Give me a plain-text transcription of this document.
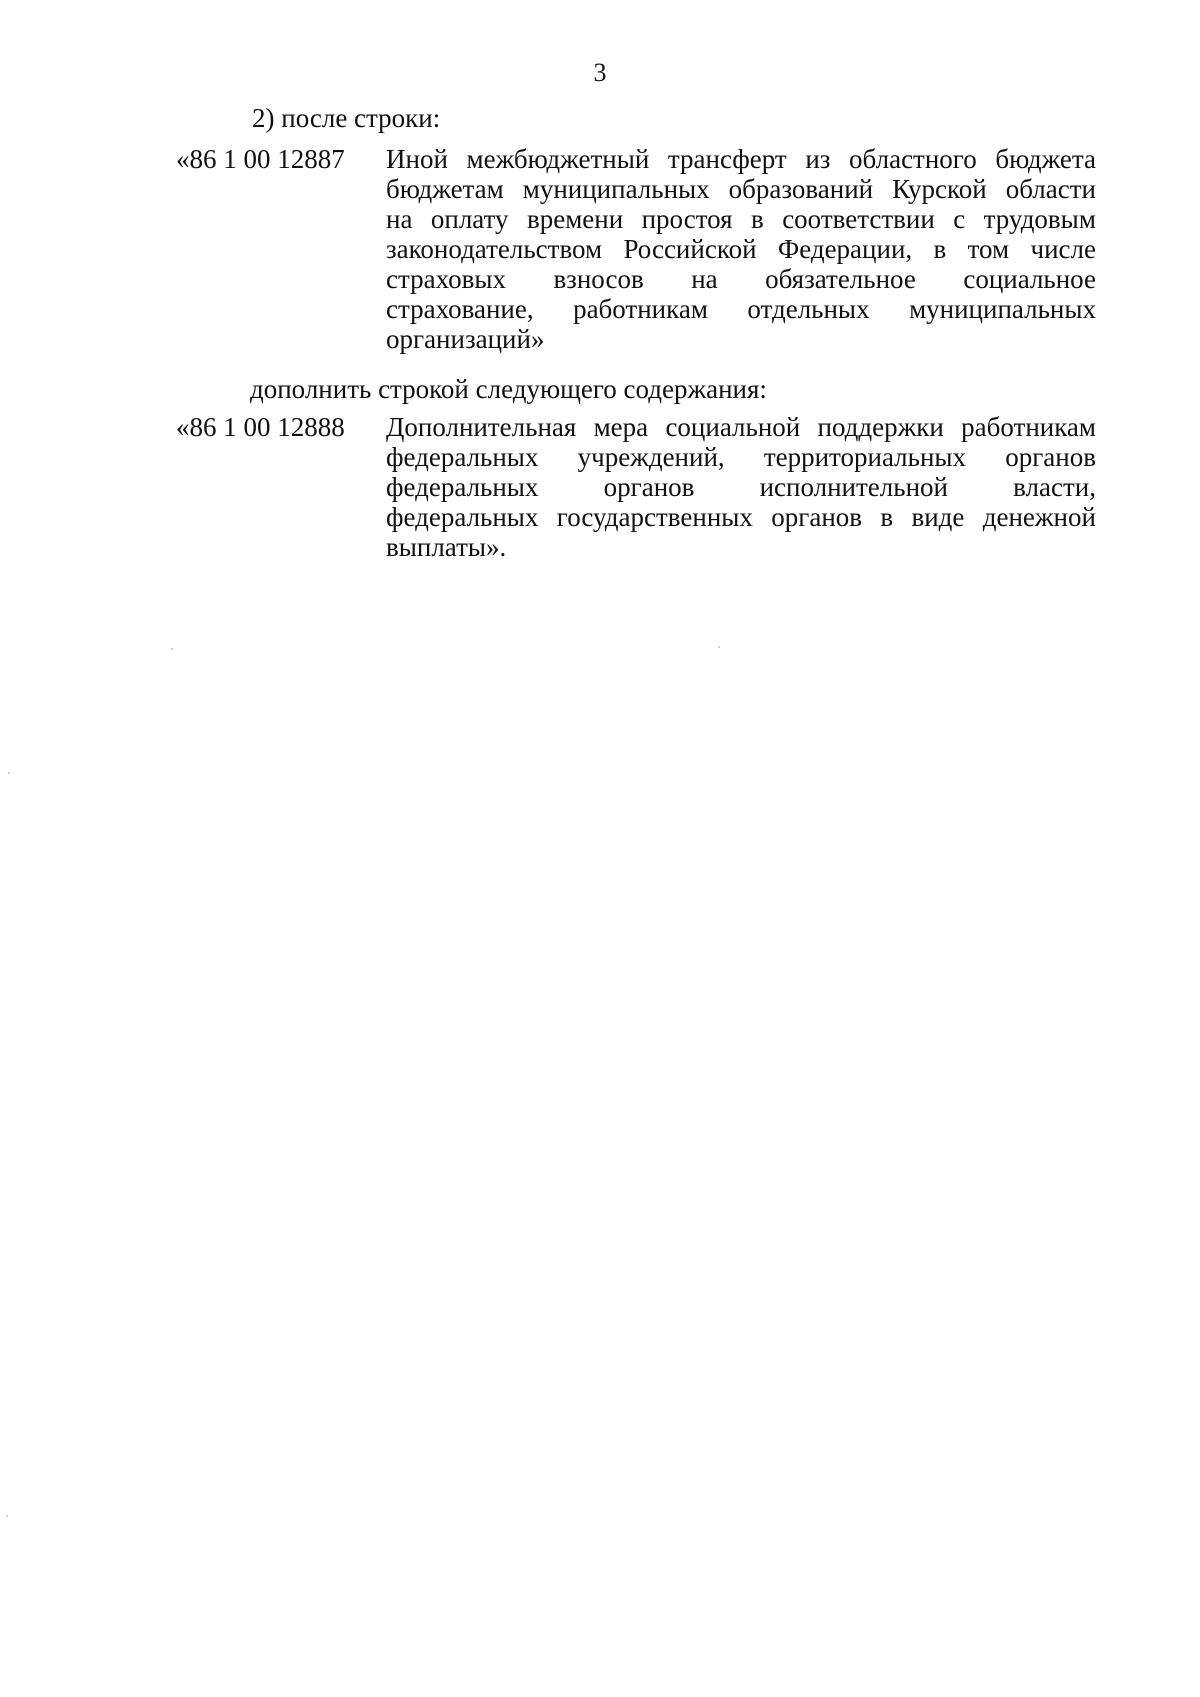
3
2) после строки:
«86 1 00 12887 Иной межбюджетный трансферт из областного бюджета
бюджетам муниципальных образований Курской области
на оплату времени простоя в соответствии с трудовым
законодательством Российской Федерации, в том числе
страховых взносов на обязательное социальное
страхование, работникам отдельных муниципальных
организаций»
дополнить строкой следующего содержания:
«86 1 00 12888 Дополнительная мера социальной поддержки работникам
федеральных учреждений, территориальных органов
федеральных органов исполнительной власти,
федеральных государственных органов в виде денежной
выплаты».
